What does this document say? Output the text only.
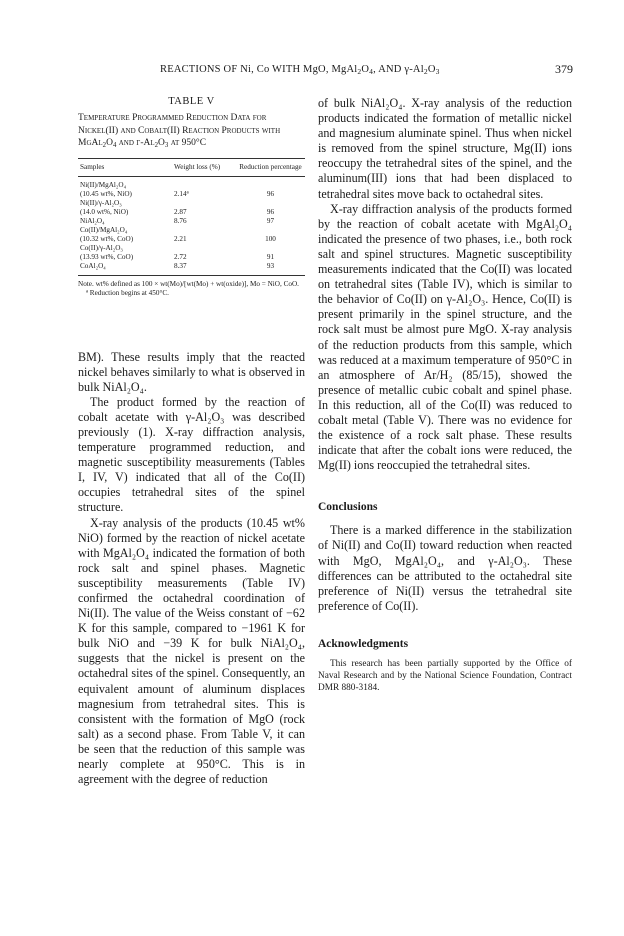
REACTIONS OF Ni, Co WITH MgO, $MgAl_2O_4$, AND $\gamma-Al_2O_3$	379
TABLE V
Temperature Programmed Reduction Data for Nickel(II) and Cobalt(II) Reaction Products with $MgAl_2O_4$ and $\gamma-Al_2O_3$ at 950°C
Samples	Weight loss (%)	Reduction percentage
Ni(II)/MgAl₂O₄		
(10.45 wt%, NiO)	2.14ª	96
Ni(II)/γ-Al₂O₃		
(14.0 wt%, NiO)	2.87	96
NiAl₂O₄	8.76	97
Co(II)/MgAl₂O₄		
(10.32 wt%, CoO)	2.21	100
Co(II)/γ-Al₂O₃		
(13.93 wt%, CoO)	2.72	91
CoAl₂O₄	8.37	93

Note. wt% defined as 100 × wt(Mo)/[wt(Mo) + wt(oxide)], Mo = NiO, CoO.

ª Reduction begins at 450°C.

BM). These results imply that the reacted nickel behaves similarly to what is observed in bulk NiAl₂O₄.

The product formed by the reaction of cobalt acetate with γ-Al₂O₃ was described previously (1). X-ray diffraction analysis, temperature programmed reduction, and magnetic susceptibility measurements (Tables I, IV, V) indicated that all of the Co(II) occupies tetrahedral sites of the spinel structure.

X-ray analysis of the products (10.45 wt% NiO) formed by the reaction of nickel acetate with MgAl₂O₄ indicated the formation of both rock salt and spinel phases. Magnetic susceptibility measurements (Table IV) confirmed the octahedral coordination of Ni(II). The value of the Weiss constant of −62 K for this sample, compared to −1961 K for bulk NiO and −39 K for bulk NiAl₂O₄, suggests that the nickel is present on the octahedral sites of the spinel. Consequently, an equivalent amount of aluminum displaces magnesium from tetrahedral sites. This is consistent with the formation of MgO (rock salt) as a second phase. From Table V, it can be seen that the reduction of this sample was nearly complete at 950°C. This is in agreement with the degree of reduction

of bulk NiAl₂O₄. X-ray analysis of the reduction products indicated the formation of metallic nickel and magnesium aluminate spinel. Thus when nickel is removed from the spinel structure, Mg(II) ions reoccupy the tetrahedral sites of the spinel, and the aluminum(III) ions that had been displaced to tetrahedral sites move back to octahedral sites.

X-ray diffraction analysis of the products formed by the reaction of cobalt acetate with MgAl₂O₄ indicated the presence of two phases, i.e., both rock salt and spinel structures. Magnetic susceptibility measurements indicated that the Co(II) was located on tetrahedral sites (Table IV), which is similar to the behavior of Co(II) on γ-Al₂O₃. Hence, Co(II) is present primarily in the spinel structure, and the rock salt must be almost pure MgO. X-ray analysis of the reduction products from this sample, which was reduced at a maximum temperature of 950°C in an atmosphere of Ar/H₂ (85/15), showed the presence of metallic cubic cobalt and spinel phase. In this reduction, all of the Co(II) was reduced to cobalt metal (Table V). There was no evidence for the existence of a rock salt phase. These results indicate that after the cobalt ions were reduced, the Mg(II) ions reoccupied the tetrahedral sites.

Conclusions

There is a marked difference in the stabilization of Ni(II) and Co(II) toward reduction when reacted with MgO, MgAl₂O₄, and γ-Al₂O₃. These differences can be attributed to the octahedral site preference of Ni(II) versus the tetrahedral site preference of Co(II).

Acknowledgments

This research has been partially supported by the Office of Naval Research and by the National Science Foundation, Contract DMR 880-3184.
